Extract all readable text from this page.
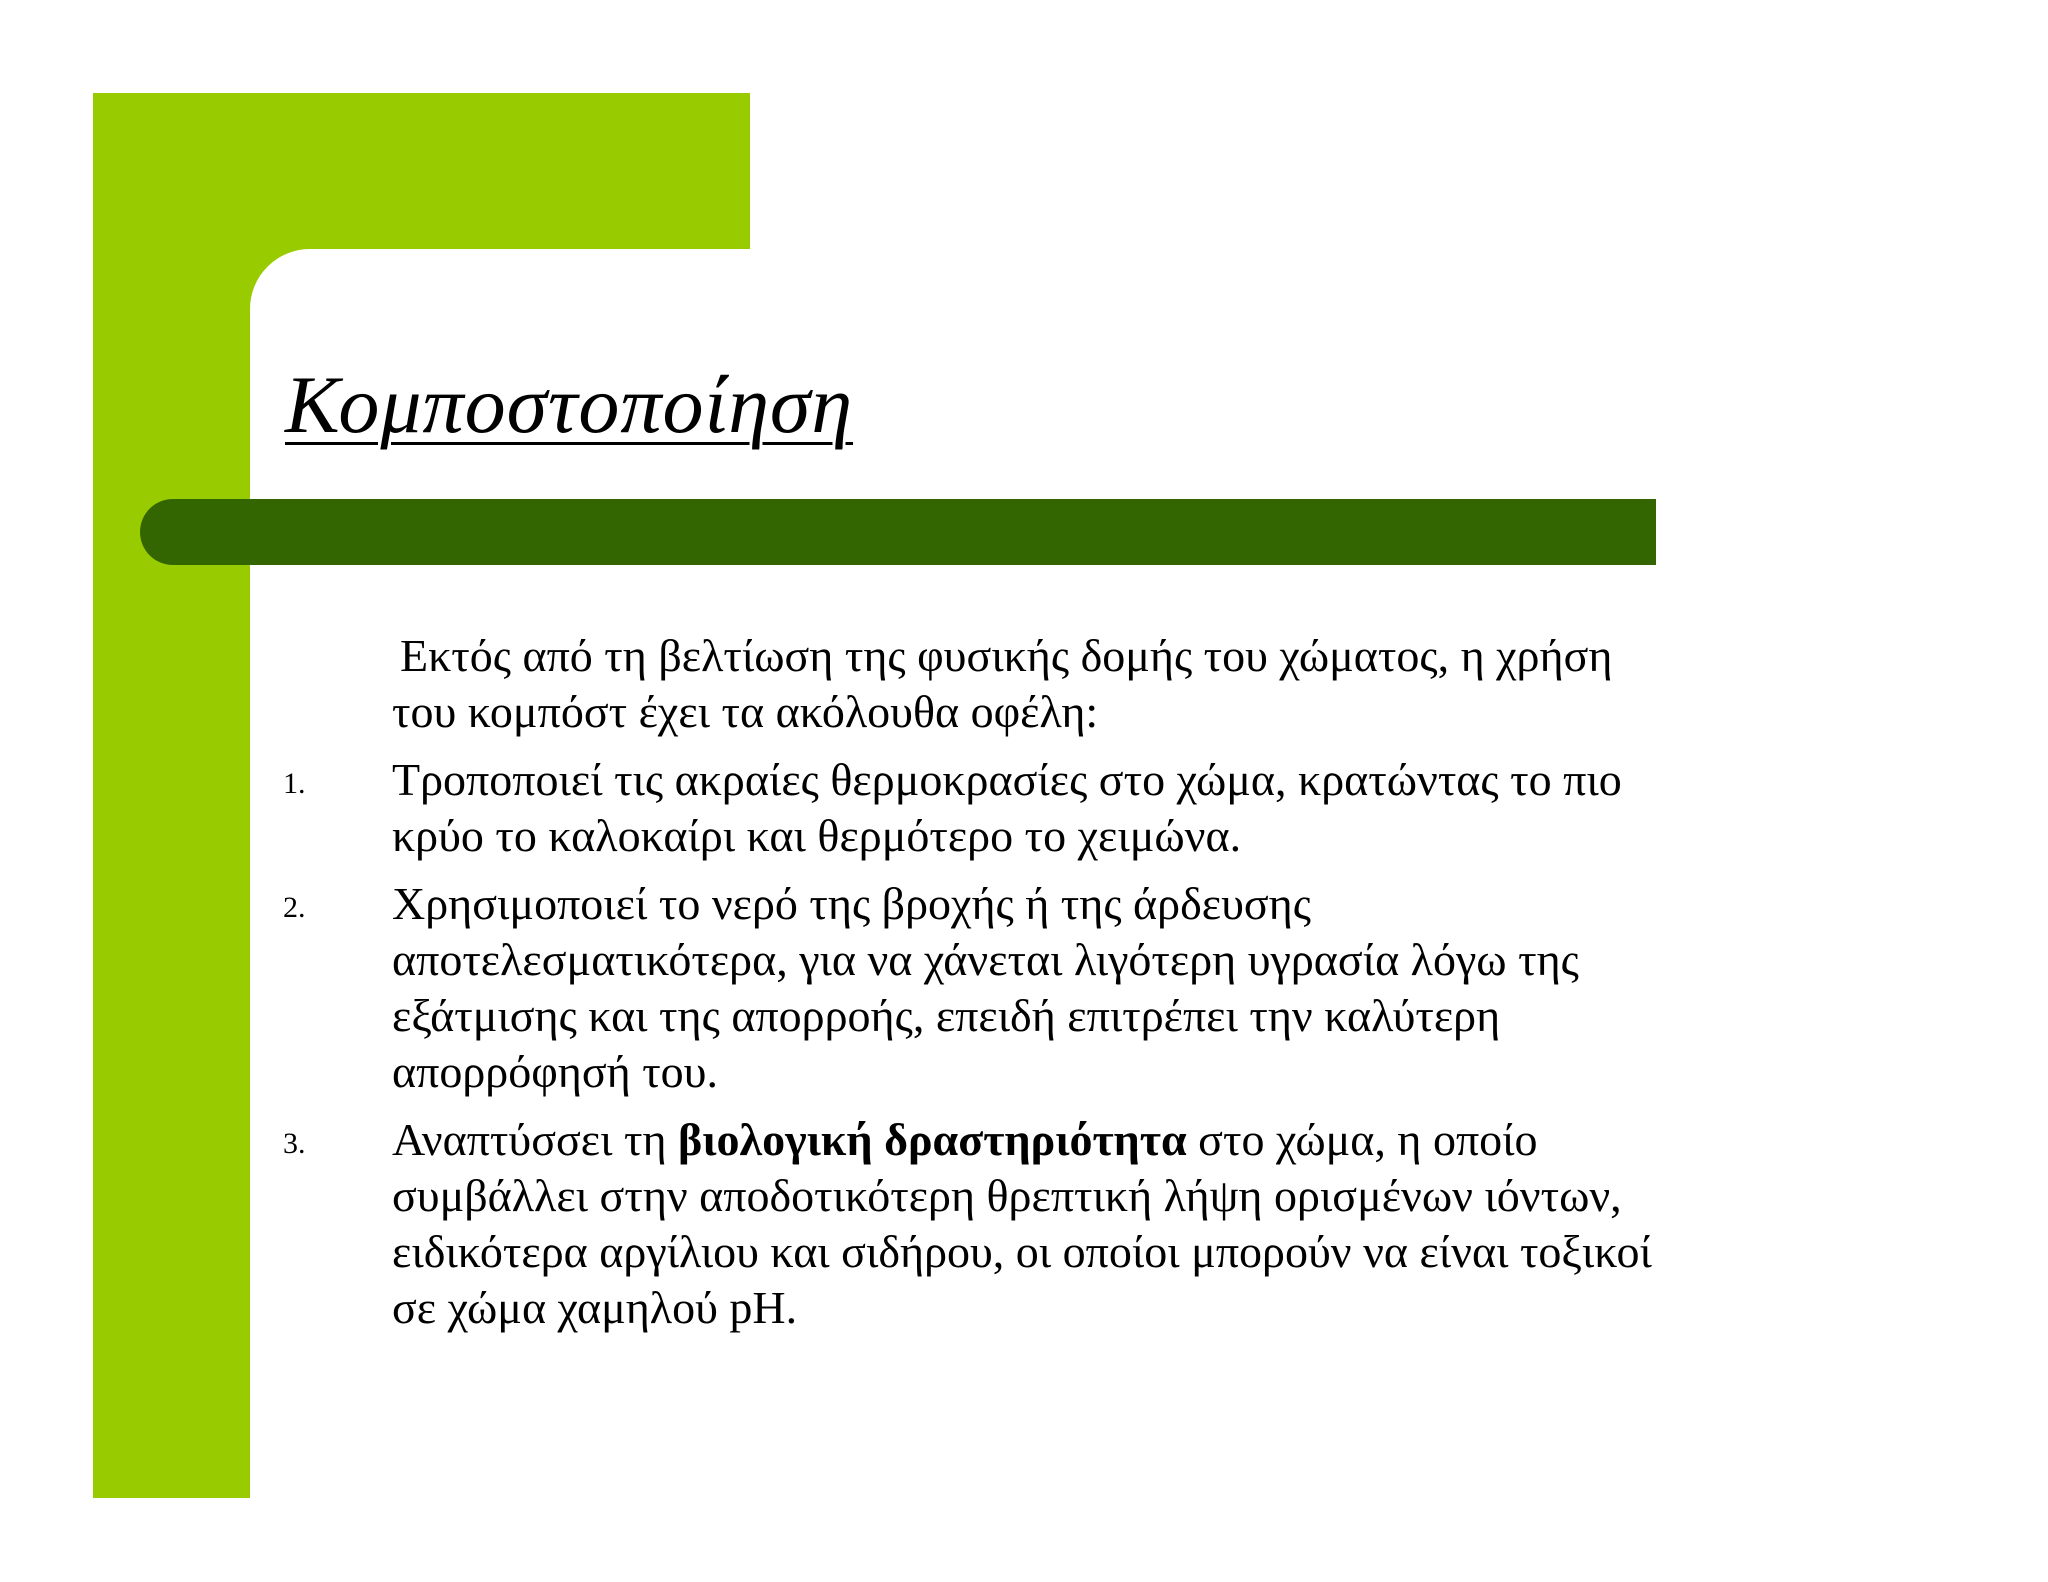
Κομποστοποίηση

Εκτός από τη βελτίωση της φυσικής δομής του χώματος, η χρήση
του κομπόστ έχει τα ακόλουθα οφέλη:

1. Τροποποιεί τις ακραίες θερμοκρασίες στο χώμα, κρατώντας το πιο
κρύο το καλοκαίρι και θερμότερο το χειμώνα.

2. Χρησιμοποιεί το νερό της βροχής ή της άρδευσης
αποτελεσματικότερα, για να χάνεται λιγότερη υγρασία λόγω της
εξάτμισης και της απορροής, επειδή επιτρέπει την καλύτερη
απορρόφησή του.

3. Αναπτύσσει τη βιολογική δραστηριότητα στο χώμα, η οποίο
συμβάλλει στην αποδοτικότερη θρεπτική λήψη ορισμένων ιόντων,
ειδικότερα αργίλιου και σιδήρου, οι οποίοι μπορούν να είναι τοξικοί
σε χώμα χαμηλού pH.
